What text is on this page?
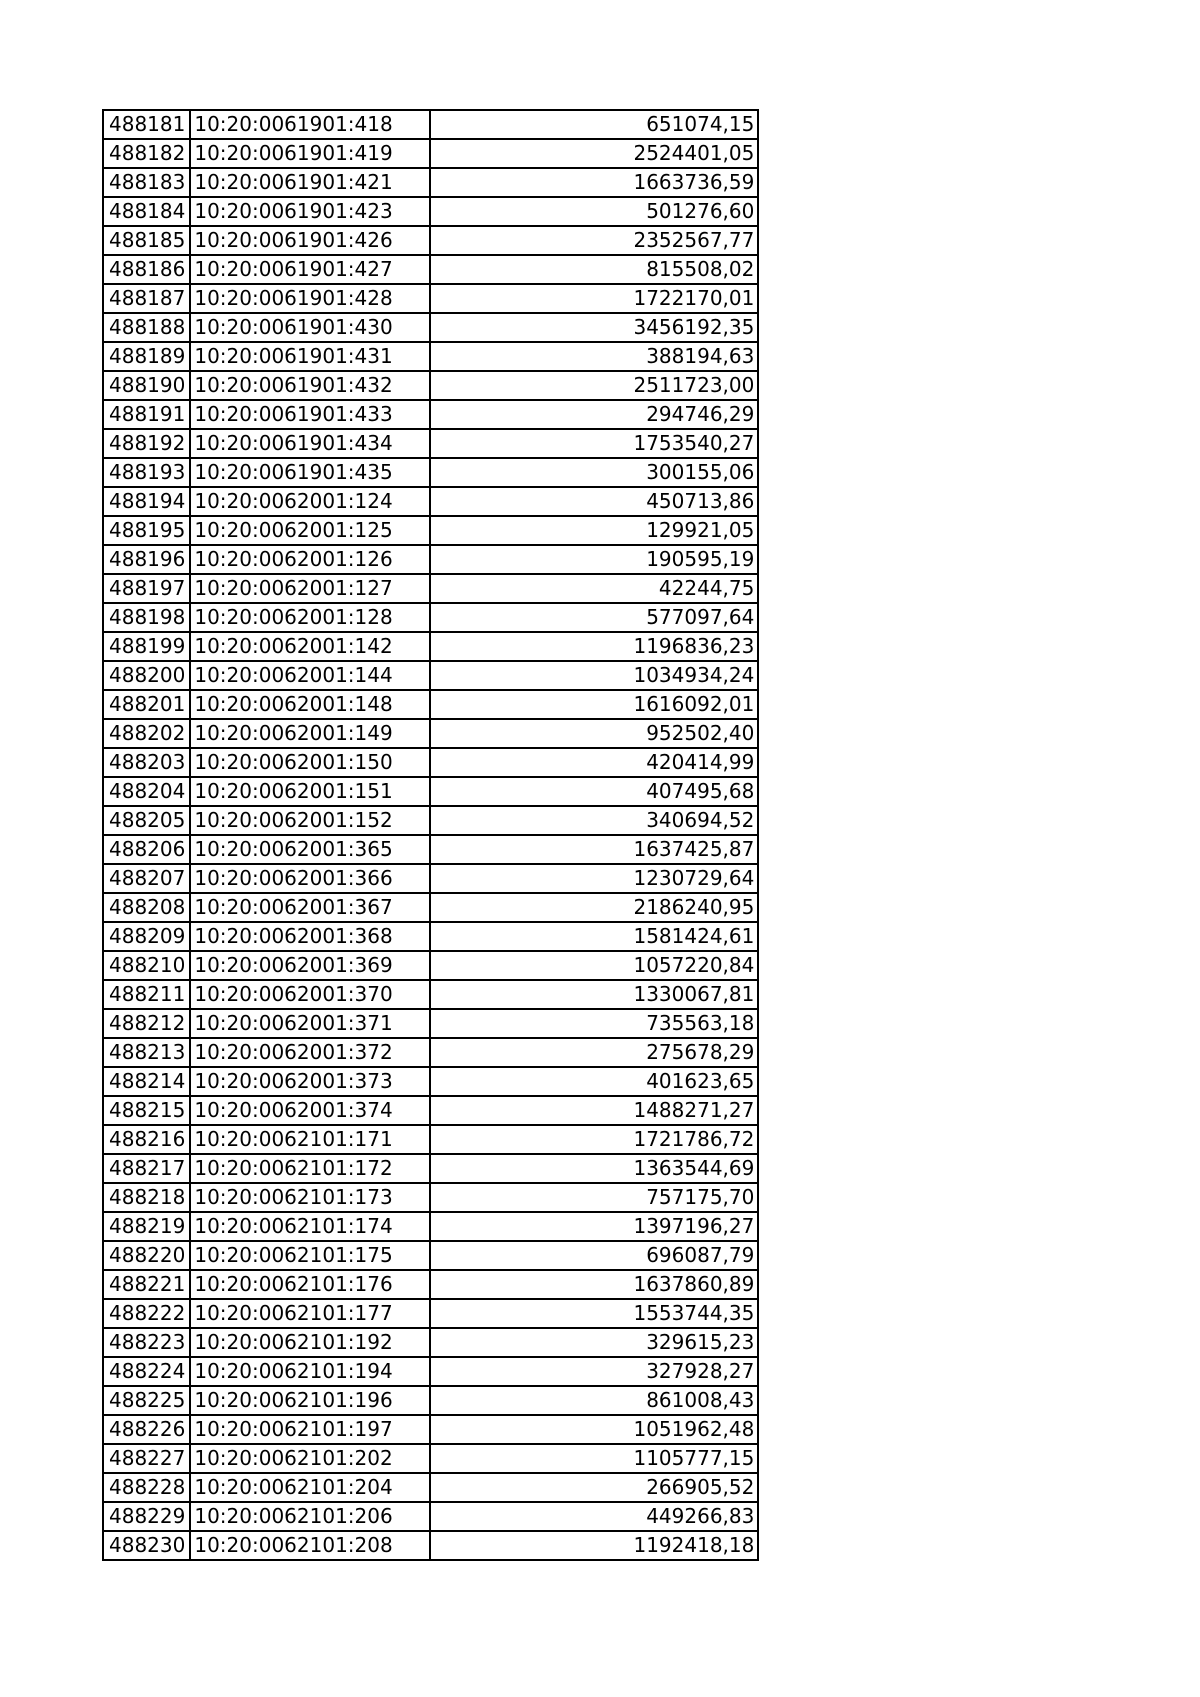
488181	10:20:0061901:418	651074,15
488182	10:20:0061901:419	2524401,05
488183	10:20:0061901:421	1663736,59
488184	10:20:0061901:423	501276,60
488185	10:20:0061901:426	2352567,77
488186	10:20:0061901:427	815508,02
488187	10:20:0061901:428	1722170,01
488188	10:20:0061901:430	3456192,35
488189	10:20:0061901:431	388194,63
488190	10:20:0061901:432	2511723,00
488191	10:20:0061901:433	294746,29
488192	10:20:0061901:434	1753540,27
488193	10:20:0061901:435	300155,06
488194	10:20:0062001:124	450713,86
488195	10:20:0062001:125	129921,05
488196	10:20:0062001:126	190595,19
488197	10:20:0062001:127	42244,75
488198	10:20:0062001:128	577097,64
488199	10:20:0062001:142	1196836,23
488200	10:20:0062001:144	1034934,24
488201	10:20:0062001:148	1616092,01
488202	10:20:0062001:149	952502,40
488203	10:20:0062001:150	420414,99
488204	10:20:0062001:151	407495,68
488205	10:20:0062001:152	340694,52
488206	10:20:0062001:365	1637425,87
488207	10:20:0062001:366	1230729,64
488208	10:20:0062001:367	2186240,95
488209	10:20:0062001:368	1581424,61
488210	10:20:0062001:369	1057220,84
488211	10:20:0062001:370	1330067,81
488212	10:20:0062001:371	735563,18
488213	10:20:0062001:372	275678,29
488214	10:20:0062001:373	401623,65
488215	10:20:0062001:374	1488271,27
488216	10:20:0062101:171	1721786,72
488217	10:20:0062101:172	1363544,69
488218	10:20:0062101:173	757175,70
488219	10:20:0062101:174	1397196,27
488220	10:20:0062101:175	696087,79
488221	10:20:0062101:176	1637860,89
488222	10:20:0062101:177	1553744,35
488223	10:20:0062101:192	329615,23
488224	10:20:0062101:194	327928,27
488225	10:20:0062101:196	861008,43
488226	10:20:0062101:197	1051962,48
488227	10:20:0062101:202	1105777,15
488228	10:20:0062101:204	266905,52
488229	10:20:0062101:206	449266,83
488230	10:20:0062101:208	1192418,18
